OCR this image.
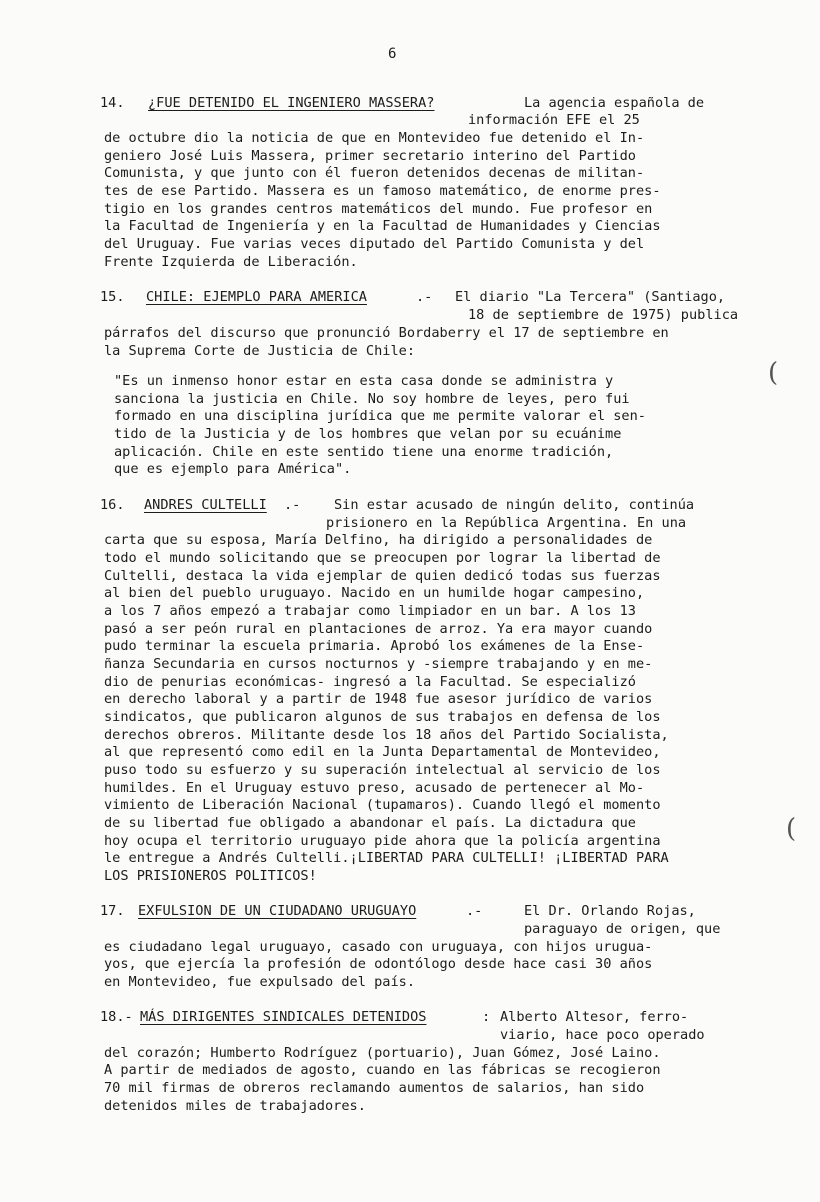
6
14. ¿FUE DETENIDO EL INGENIERO MASSERA?	La agencia española de
información EFE el 25
de octubre dio la noticia de que en Montevideo fue detenido el In-
geniero José Luis Massera, primer secretario interino del Partido
Comunista, y que junto con él fueron detenidos decenas de militan-
tes de ese Partido. Massera es un famoso matemático, de enorme pres-
tigio en los grandes centros matemáticos del mundo. Fue profesor en
la Facultad de Ingeniería y en la Facultad de Humanidades y Ciencias
del Uruguay. Fue varias veces diputado del Partido Comunista y del
Frente Izquierda de Liberación.
15. CHILE: EJEMPLO PARA AMERICA	.- El diario "La Tercera" (Santiago,
18 de septiembre de 1975) publica
párrafos del discurso que pronunció Bordaberry el 17 de septiembre en
la Suprema Corte de Justicia de Chile:
"Es un inmenso honor estar en esta casa donde se administra y
sanciona la justicia en Chile. No soy hombre de leyes, pero fui
formado en una disciplina jurídica que me permite valorar el sen-
tido de la Justicia y de los hombres que velan por su ecuánime
aplicación. Chile en este sentido tiene una enorme tradición,
que es ejemplo para América".
16. ANDRES CULTELLI .- Sin estar acusado de ningún delito, continúa
prisionero en la República Argentina. En una
carta que su esposa, María Delfino, ha dirigido a personalidades de
todo el mundo solicitando que se preocupen por lograr la libertad de
Cultelli, destaca la vida ejemplar de quien dedicó todas sus fuerzas
al bien del pueblo uruguayo. Nacido en un humilde hogar campesino,
a los 7 años empezó a trabajar como limpiador en un bar. A los 13
pasó a ser peón rural en plantaciones de arroz. Ya era mayor cuando
pudo terminar la escuela primaria. Aprobó los exámenes de la Ense-
ñanza Secundaria en cursos nocturnos y -siempre trabajando y en me-
dio de penurias económicas- ingresó a la Facultad. Se especializó
en derecho laboral y a partir de 1948 fue asesor jurídico de varios
sindicatos, que publicaron algunos de sus trabajos en defensa de los
derechos obreros. Militante desde los 18 años del Partido Socialista,
al que representó como edil en la Junta Departamental de Montevideo,
puso todo su esfuerzo y su superación intelectual al servicio de los
humildes. En el Uruguay estuvo preso, acusado de pertenecer al Mo-
vimiento de Liberación Nacional (tupamaros). Cuando llegó el momento
de su libertad fue obligado a abandonar el país. La dictadura que
hoy ocupa el territorio uruguayo pide ahora que la policía argentina
le entregue a Andrés Cultelli.¡LIBERTAD PARA CULTELLI! ¡LIBERTAD PARA
LOS PRISIONEROS POLITICOS!
17. EXFULSION DE UN CIUDADANO URUGUAYO	.-	El Dr. Orlando Rojas,
paraguayo de origen, que
es ciudadano legal uruguayo, casado con uruguaya, con hijos urugua-
yos, que ejercía la profesión de odontólogo desde hace casi 30 años
en Montevideo, fue expulsado del país.
18.- MÁS DIRIGENTES SINDICALES DETENIDOS	: Alberto Altesor, ferro-
viario, hace poco operado
del corazón; Humberto Rodríguez (portuario), Juan Gómez, José Laino.
A partir de mediados de agosto, cuando en las fábricas se recogieron
70 mil firmas de obreros reclamando aumentos de salarios, han sido
detenidos miles de trabajadores.
(
(
